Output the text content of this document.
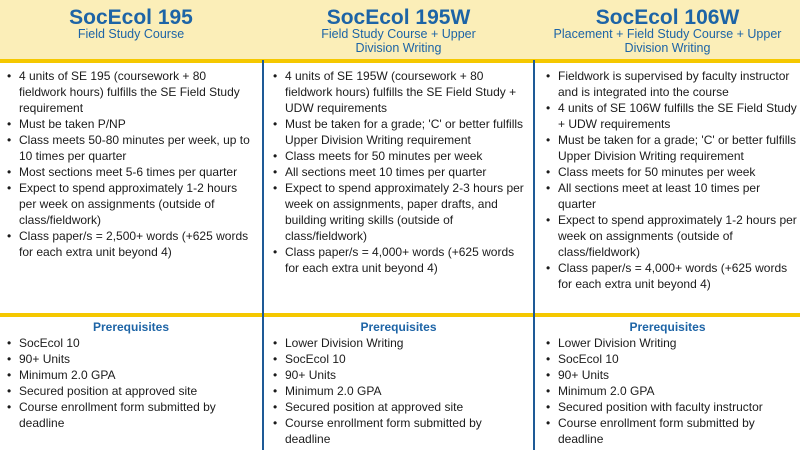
SocEcol 195
Field Study Course
• 4 units of SE 195 (coursework + 80 fieldwork hours) fulfills the SE Field Study requirement
• Must be taken P/NP
• Class meets 50-80 minutes per week, up to 10 times per quarter
• Most sections meet 5-6 times per quarter
• Expect to spend approximately 1-2 hours per week on assignments (outside of class/fieldwork)
• Class paper/s = 2,500+ words (+625 words for each extra unit beyond 4)
Prerequisites
• SocEcol 10
• 90+ Units
• Minimum 2.0 GPA
• Secured position at approved site
• Course enrollment form submitted by deadline
SocEcol 195W
Field Study Course + Upper Division Writing
• 4 units of SE 195W (coursework + 80 fieldwork hours) fulfills the SE Field Study + UDW requirements
• Must be taken for a grade; 'C' or better fulfills Upper Division Writing requirement
• Class meets for 50 minutes per week
• All sections meet 10 times per quarter
• Expect to spend approximately 2-3 hours per week on assignments, paper drafts, and building writing skills (outside of class/fieldwork)
• Class paper/s = 4,000+ words (+625 words for each extra unit beyond 4)
Prerequisites
• Lower Division Writing
• SocEcol 10
• 90+ Units
• Minimum 2.0 GPA
• Secured position at approved site
• Course enrollment form submitted by deadline
SocEcol 106W
Placement + Field Study Course + Upper Division Writing
• Fieldwork is supervised by faculty instructor and is integrated into the course
• 4 units of SE 106W fulfills the SE Field Study + UDW requirements
• Must be taken for a grade; 'C' or better fulfills Upper Division Writing requirement
• Class meets for 50 minutes per week
• All sections meet at least 10 times per quarter
• Expect to spend approximately 1-2 hours per week on assignments (outside of class/fieldwork)
• Class paper/s = 4,000+ words (+625 words for each extra unit beyond 4)
Prerequisites
• Lower Division Writing
• SocEcol 10
• 90+ Units
• Minimum 2.0 GPA
• Secured position with faculty instructor
• Course enrollment form submitted by deadline
